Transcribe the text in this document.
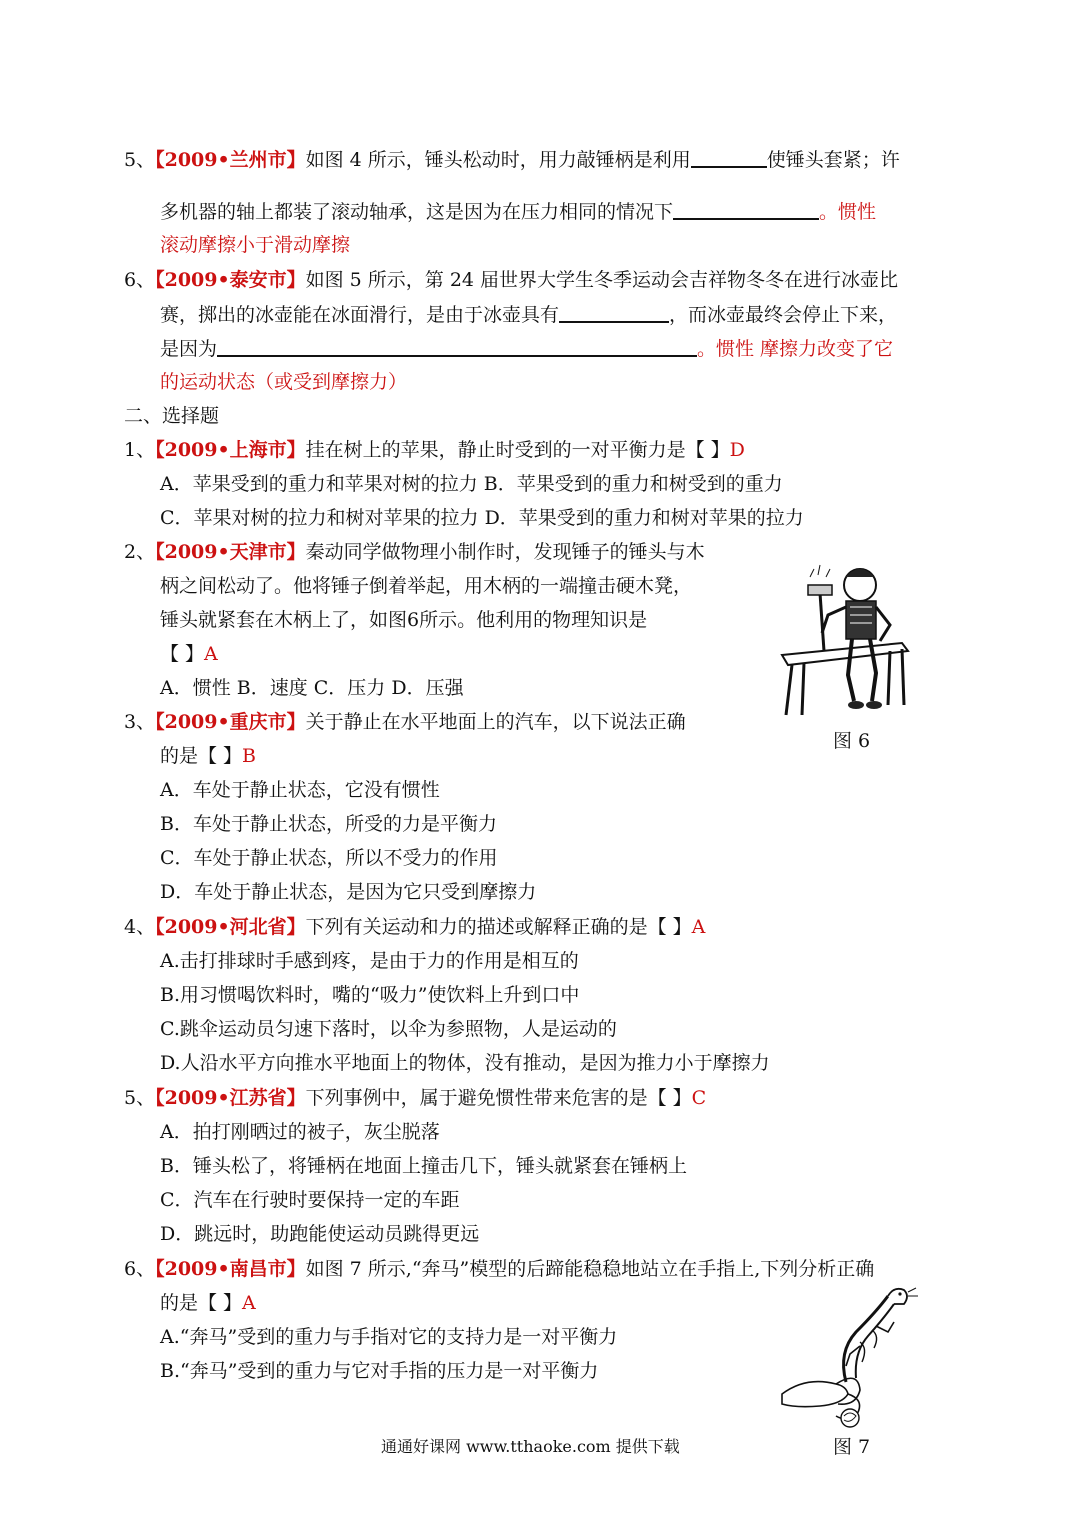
5、【2009•兰州市】如图 4 所示，锤头松动时，用力敲锤柄是利用	使锤头套紧；许
多机器的轴上都装了滚动轴承，这是因为在压力相同的情况下	。惯性
滚动摩擦小于滑动摩擦
6、【2009•泰安市】如图 5 所示，第 24 届世界大学生冬季运动会吉祥物冬冬在进行冰壶比
赛，掷出的冰壶能在冰面滑行，是由于冰壶具有	，而冰壶最终会停止下来，
是因为	。惯性 摩擦力改变了它
的运动状态（或受到摩擦力）
二、选择题
1、【2009•上海市】挂在树上的苹果，静止时受到的一对平衡力是【 】D
A．苹果受到的重力和苹果对树的拉力 B．苹果受到的重力和树受到的重力
C．苹果对树的拉力和树对苹果的拉力 D．苹果受到的重力和树对苹果的拉力
2、【2009•天津市】秦动同学做物理小制作时，发现锤子的锤头与木
柄之间松动了。他将锤子倒着举起，用木柄的一端撞击硬木凳，
锤头就紧套在木柄上了，如图6所示。他利用的物理知识是
【 】A
A．惯性 B．速度 C．压力 D．压强
图 6
3、【2009•重庆市】关于静止在水平地面上的汽车，以下说法正确
的是【 】B
A．车处于静止状态，它没有惯性
B．车处于静止状态，所受的力是平衡力
C．车处于静止状态，所以不受力的作用
D．车处于静止状态，是因为它只受到摩擦力
4、【2009•河北省】下列有关运动和力的描述或解释正确的是【 】A
A.击打排球时手感到疼，是由于力的作用是相互的
B.用习惯喝饮料时，嘴的“吸力”使饮料上升到口中
C.跳伞运动员匀速下落时，以伞为参照物，人是运动的
D.人沿水平方向推水平地面上的物体，没有推动，是因为推力小于摩擦力
5、【2009•江苏省】下列事例中，属于避免惯性带来危害的是【 】C
A．拍打刚晒过的被子，灰尘脱落
B．锤头松了，将锤柄在地面上撞击几下，锤头就紧套在锤柄上
C．汽车在行驶时要保持一定的车距
D．跳远时，助跑能使运动员跳得更远
6、【2009•南昌市】如图 7 所示,“奔马”模型的后蹄能稳稳地站立在手指上,下列分析正确
的是【 】A
A.“奔马”受到的重力与手指对它的支持力是一对平衡力
B.“奔马”受到的重力与它对手指的压力是一对平衡力
图 7
通通好课网 www.tthaoke.com 提供下载
